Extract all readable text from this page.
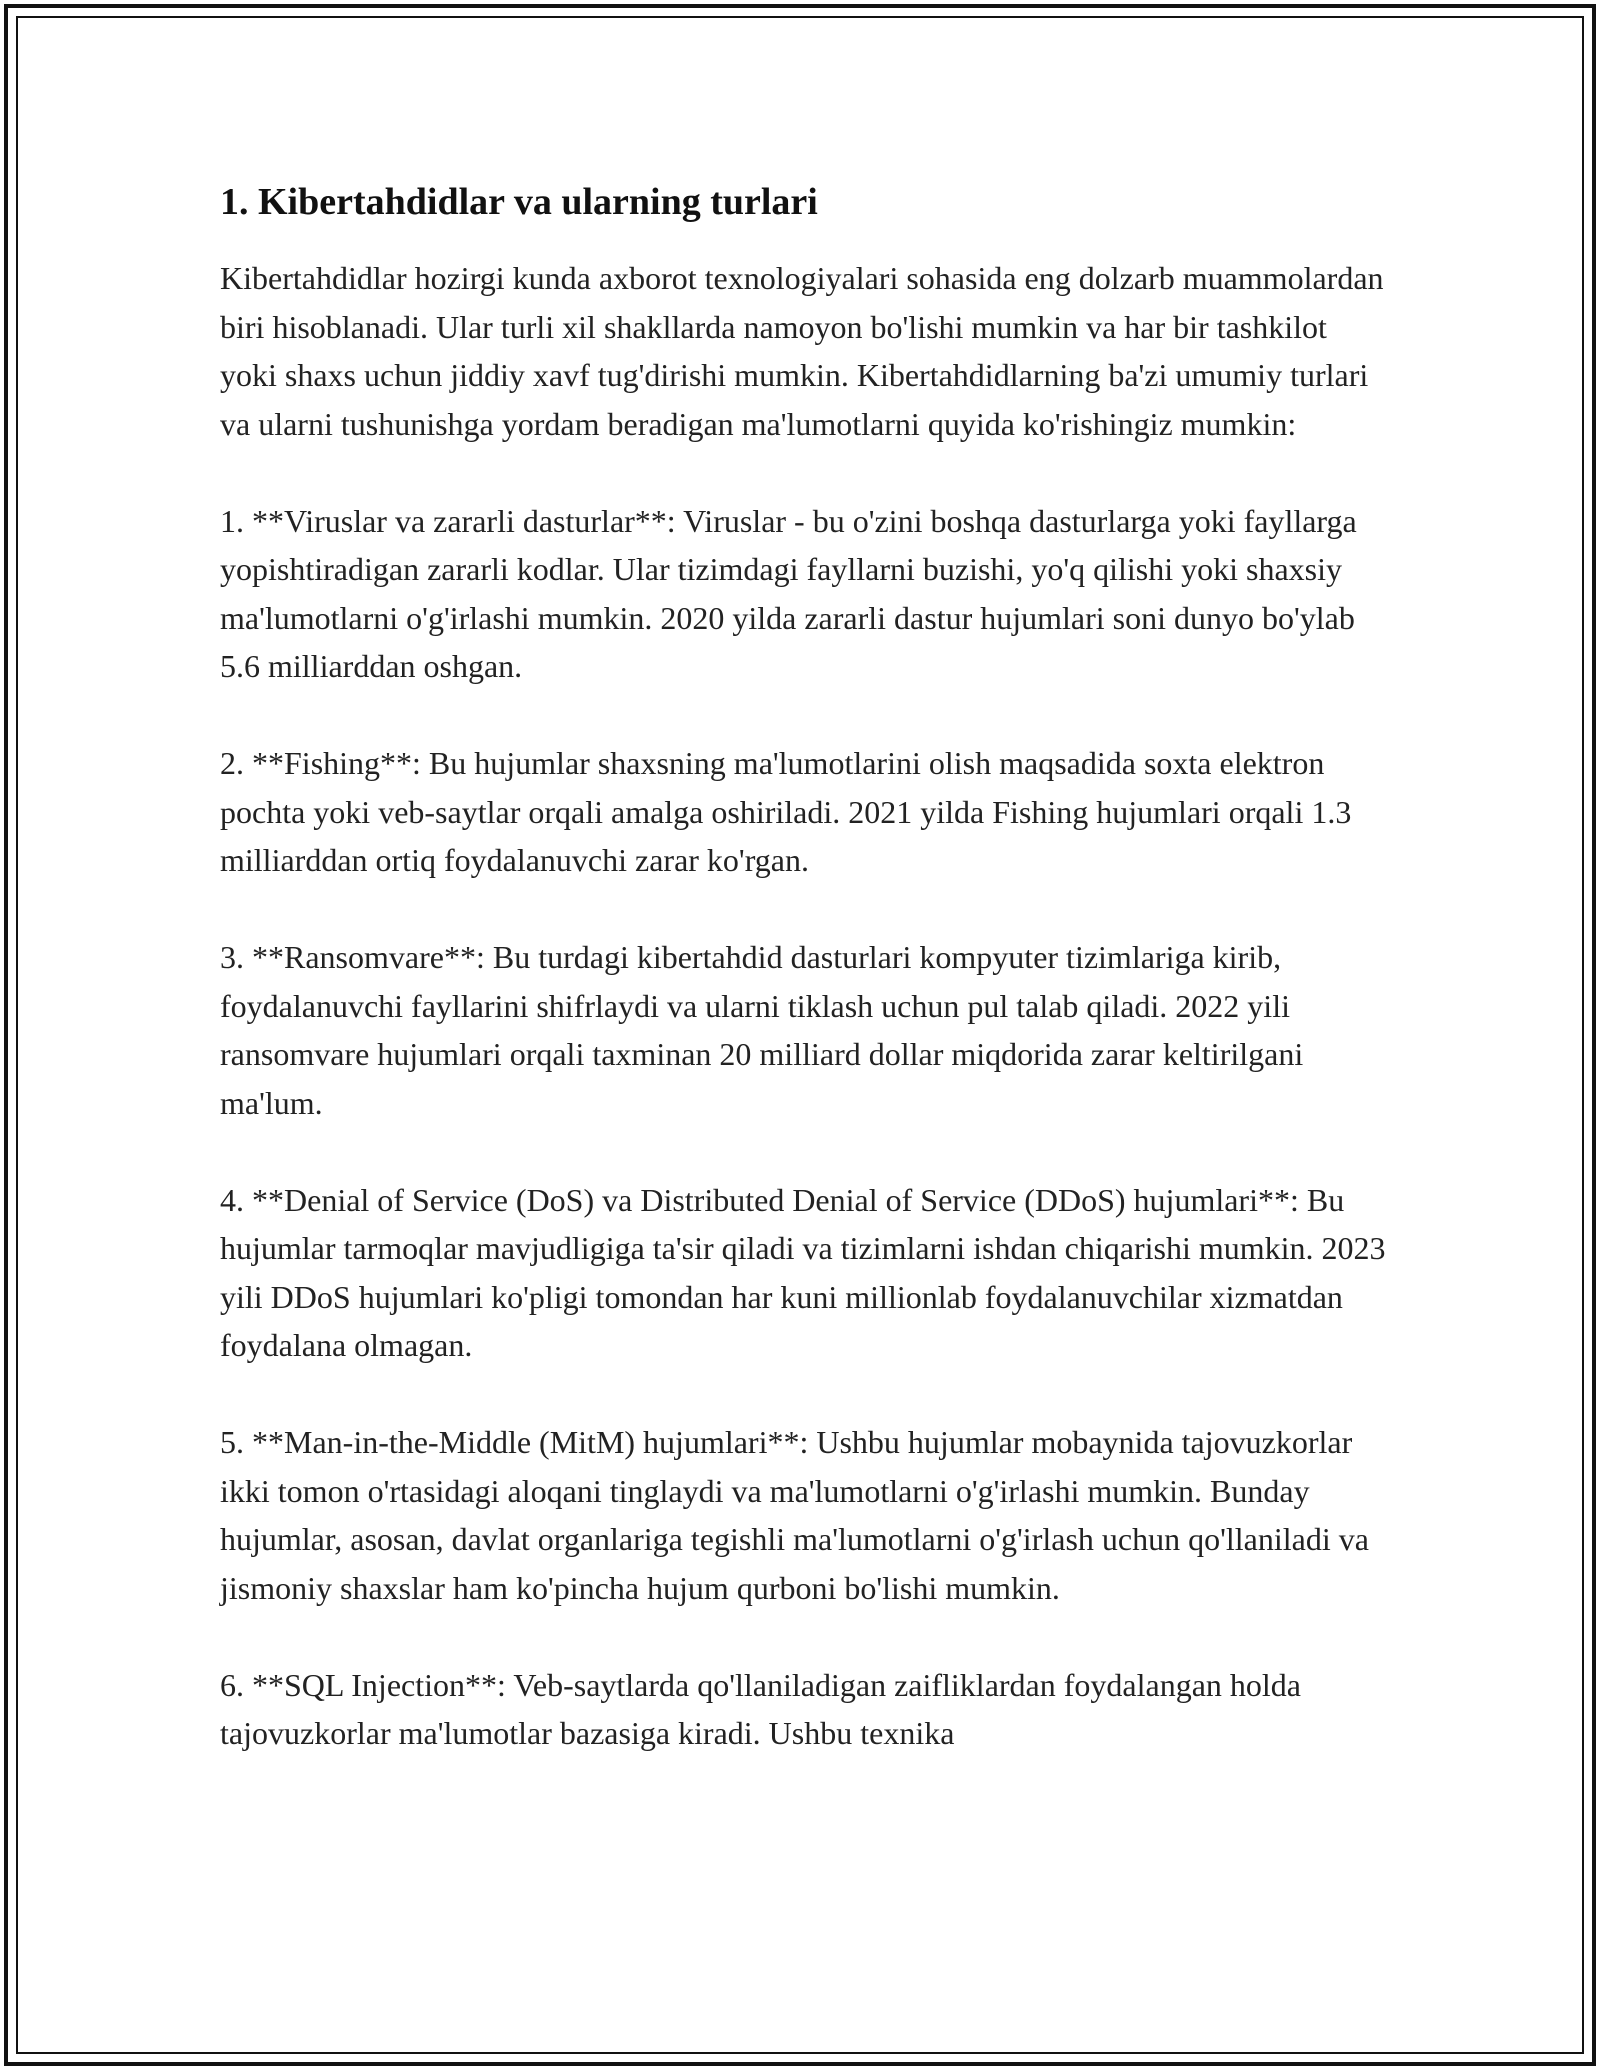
1. Kibertahdidlar va ularning turlari

Kibertahdidlar hozirgi kunda axborot texnologiyalari sohasida eng dolzarb muammolardan biri hisoblanadi. Ular turli xil shakllarda namoyon bo'lishi mumkin va har bir tashkilot yoki shaxs uchun jiddiy xavf tug'dirishi mumkin. Kibertahdidlarning ba'zi umumiy turlari va ularni tushunishga yordam beradigan ma'lumotlarni quyida ko'rishingiz mumkin:

1. **Viruslar va zararli dasturlar**: Viruslar - bu o'zini boshqa dasturlarga yoki fayllarga yopishtiradigan zararli kodlar. Ular tizimdagi fayllarni buzishi, yo'q qilishi yoki shaxsiy ma'lumotlarni o'g'irlashi mumkin. 2020 yilda zararli dastur hujumlari soni dunyo bo'ylab 5.6 milliarddan oshgan.

2. **Fishing**: Bu hujumlar shaxsning ma'lumotlarini olish maqsadida soxta elektron pochta yoki veb-saytlar orqali amalga oshiriladi. 2021 yilda Fishing hujumlari orqali 1.3 milliarddan ortiq foydalanuvchi zarar ko'rgan.

3. **Ransomvare**: Bu turdagi kibertahdid dasturlari kompyuter tizimlariga kirib, foydalanuvchi fayllarini shifrlaydi va ularni tiklash uchun pul talab qiladi. 2022 yili ransomvare hujumlari orqali taxminan 20 milliard dollar miqdorida zarar keltirilgani ma'lum.

4. **Denial of Service (DoS) va Distributed Denial of Service (DDoS) hujumlari**: Bu hujumlar tarmoqlar mavjudligiga ta'sir qiladi va tizimlarni ishdan chiqarishi mumkin. 2023 yili DDoS hujumlari ko'pligi tomondan har kuni millionlab foydalanuvchilar xizmatdan foydalana olmagan.

5. **Man-in-the-Middle (MitM) hujumlari**: Ushbu hujumlar mobaynida tajovuzkorlar ikki tomon o'rtasidagi aloqani tinglaydi va ma'lumotlarni o'g'irlashi mumkin. Bunday hujumlar, asosan, davlat organlariga tegishli ma'lumotlarni o'g'irlash uchun qo'llaniladi va jismoniy shaxslar ham ko'pincha hujum qurboni bo'lishi mumkin.

6. **SQL Injection**: Veb-saytlarda qo'llaniladigan zaifliklardan foydalangan holda tajovuzkorlar ma'lumotlar bazasiga kiradi. Ushbu texnika
